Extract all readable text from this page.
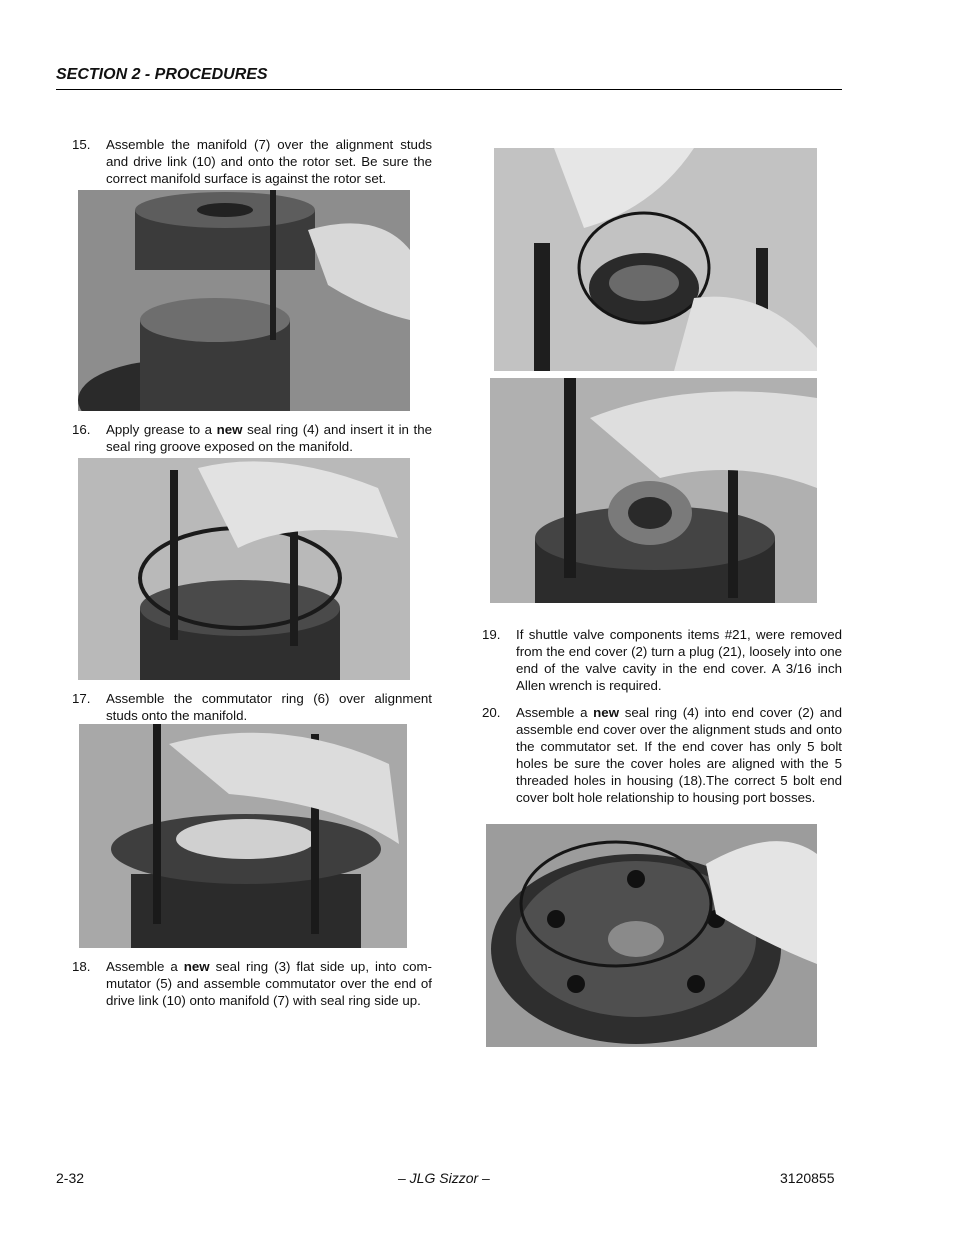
SECTION 2 - PROCEDURES
15. Assemble the manifold (7) over the alignment studs and drive link (10) and onto the rotor set. Be sure the correct manifold surface is against the rotor set.
16. Apply grease to a new seal ring (4) and insert it in the seal ring groove exposed on the manifold.
17. Assemble the commutator ring (6) over alignment studs onto the manifold.
18. Assemble a new seal ring (3) flat side up, into com-mutator (5) and assemble commutator over the end of drive link (10) onto manifold (7) with seal ring side up.
19. If shuttle valve components items #21, were removed from the end cover (2) turn a plug (21), loosely into one end of the valve cavity in the end cover. A 3/16 inch Allen wrench is required.
20. Assemble a new seal ring (4) into end cover (2) and assemble end cover over the alignment studs and onto the commutator set. If the end cover has only 5 bolt holes be sure the cover holes are aligned with the 5 threaded holes in housing (18).The correct 5 bolt end cover bolt hole relationship to housing port bosses.
2-32	– JLG Sizzor –	3120855
